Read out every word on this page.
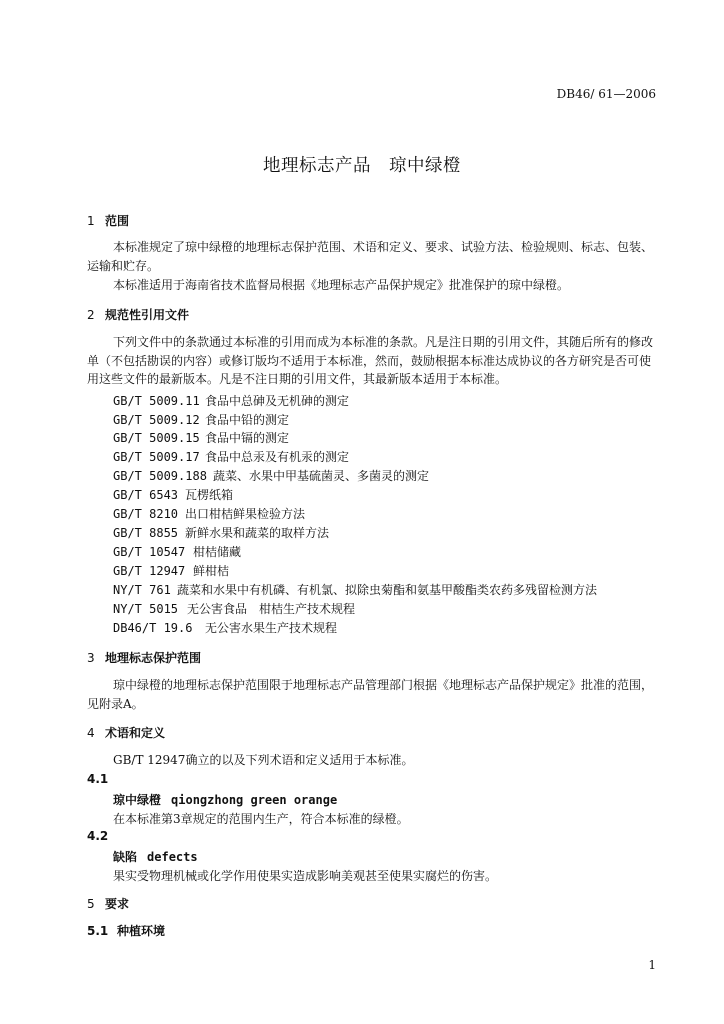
DB46/ 61—2006
地理标志产品　琼中绿橙
1 范围

本标准规定了琼中绿橙的地理标志保护范围、术语和定义、要求、试验方法、检验规则、标志、包装、运输和贮存。

本标准适用于海南省技术监督局根据《地理标志产品保护规定》批准保护的琼中绿橙。

2 规范性引用文件

下列文件中的条款通过本标准的引用而成为本标准的条款。凡是注日期的引用文件，其随后所有的修改单（不包括勘误的内容）或修订版均不适用于本标准，然而，鼓励根据本标准达成协议的各方研究是否可使用这些文件的最新版本。凡是不注日期的引用文件，其最新版本适用于本标准。

GB/T 5009.11 食品中总砷及无机砷的测定
GB/T 5009.12 食品中铅的测定
GB/T 5009.15 食品中镉的测定
GB/T 5009.17 食品中总汞及有机汞的测定
GB/T 5009.188 蔬菜、水果中甲基硫菌灵、多菌灵的测定
GB/T 6543 瓦楞纸箱
GB/T 8210 出口柑桔鲜果检验方法
GB/T 8855 新鲜水果和蔬菜的取样方法
GB/T 10547 柑桔储藏
GB/T 12947 鲜柑桔
NY/T 761 蔬菜和水果中有机磷、有机氯、拟除虫菊酯和氨基甲酸酯类农药多残留检测方法
NY/T 5015 无公害食品　柑桔生产技术规程
DB46/T 19.6 无公害水果生产技术规程
3 地理标志保护范围

琼中绿橙的地理标志保护范围限于地理标志产品管理部门根据《地理标志产品保护规定》批准的范围，见附录A。

4 术语和定义

GB/T 12947确立的以及下列术语和定义适用于本标准。

4.1
琼中绿橙 qiongzhong green orange
在本标准第3章规定的范围内生产，符合本标准的绿橙。
4.2
缺陷 defects
果实受物理机械或化学作用使果实造成影响美观甚至使果实腐烂的伤害。
5 要求
5.1 种植环境
1
